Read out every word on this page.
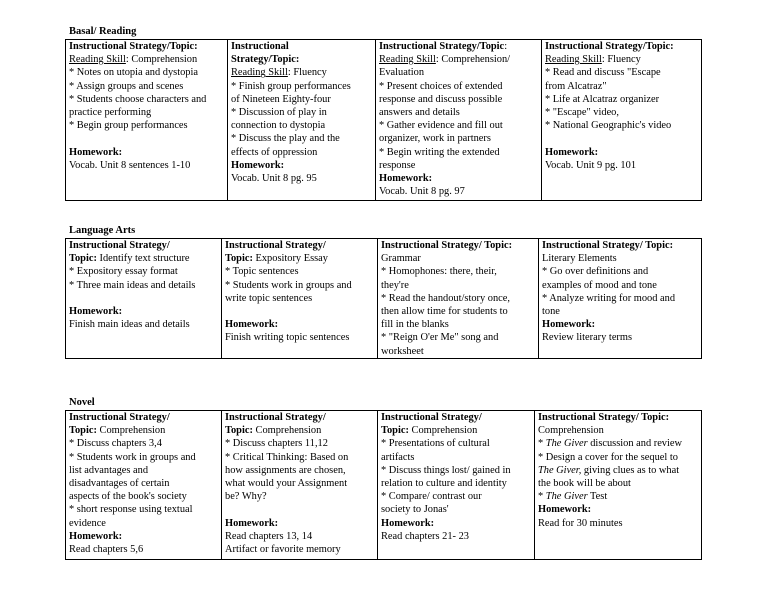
Basal/ Reading
Instructional Strategy/Topic:
Reading Skill: Comprehension
* Notes on utopia and dystopia
* Assign groups and scenes
* Students choose characters and
practice performing
* Begin group performances
Homework:
Vocab. Unit 8 sentences 1-10

Instructional
Strategy/Topic:
Reading Skill: Fluency
* Finish group performances
of Nineteen Eighty-four
* Discussion of play in
connection to dystopia
* Discuss the play and the
effects of oppression
Homework:
Vocab. Unit 8 pg. 95

Instructional Strategy/Topic:
Reading Skill: Comprehension/
Evaluation
* Present choices of extended
response and discuss possible
answers and details
* Gather evidence and fill out
organizer, work in partners
* Begin writing the extended
response
Homework:
Vocab. Unit 8 pg. 97

Instructional Strategy/Topic:
Reading Skill: Fluency
* Read and discuss "Escape
from Alcatraz"
* Life at Alcatraz organizer
* "Escape" video,
* National Geographic's video
Homework:
Vocab. Unit 9 pg. 101
Language Arts
Instructional Strategy/
Topic: Identify text structure
* Expository essay format
* Three main ideas and details
Homework:
Finish main ideas and details

Instructional Strategy/
Topic: Expository Essay
* Topic sentences
* Students work in groups and
write topic sentences
Homework:
Finish writing topic sentences

Instructional Strategy/ Topic:
Grammar
* Homophones: there, their,
they're
* Read the handout/story once,
then allow time for students to
fill in the blanks
* "Reign O'er Me" song and
worksheet

Instructional Strategy/ Topic:
Literary Elements
* Go over definitions and
examples of mood and tone
* Analyze writing for mood and
tone
Homework:
Review literary terms
Novel
Instructional Strategy/
Topic: Comprehension
* Discuss chapters 3,4
* Students work in groups and
list advantages and
disadvantages of certain
aspects of the book's society
* short response using textual
evidence
Homework:
Read chapters 5,6

Instructional Strategy/
Topic: Comprehension
* Discuss chapters 11,12
* Critical Thinking: Based on
how assignments are chosen,
what would your Assignment
be? Why?
Homework:
Read chapters 13, 14
Artifact or favorite memory

Instructional Strategy/
Topic: Comprehension
* Presentations of cultural
artifacts
* Discuss things lost/ gained in
relation to culture and identity
* Compare/ contrast our
society to Jonas'
Homework:
Read chapters 21- 23

Instructional Strategy/ Topic:
Comprehension
* The Giver discussion and review
* Design a cover for the sequel to
The Giver, giving clues as to what
the book will be about
* The Giver Test
Homework:
Read for 30 minutes
